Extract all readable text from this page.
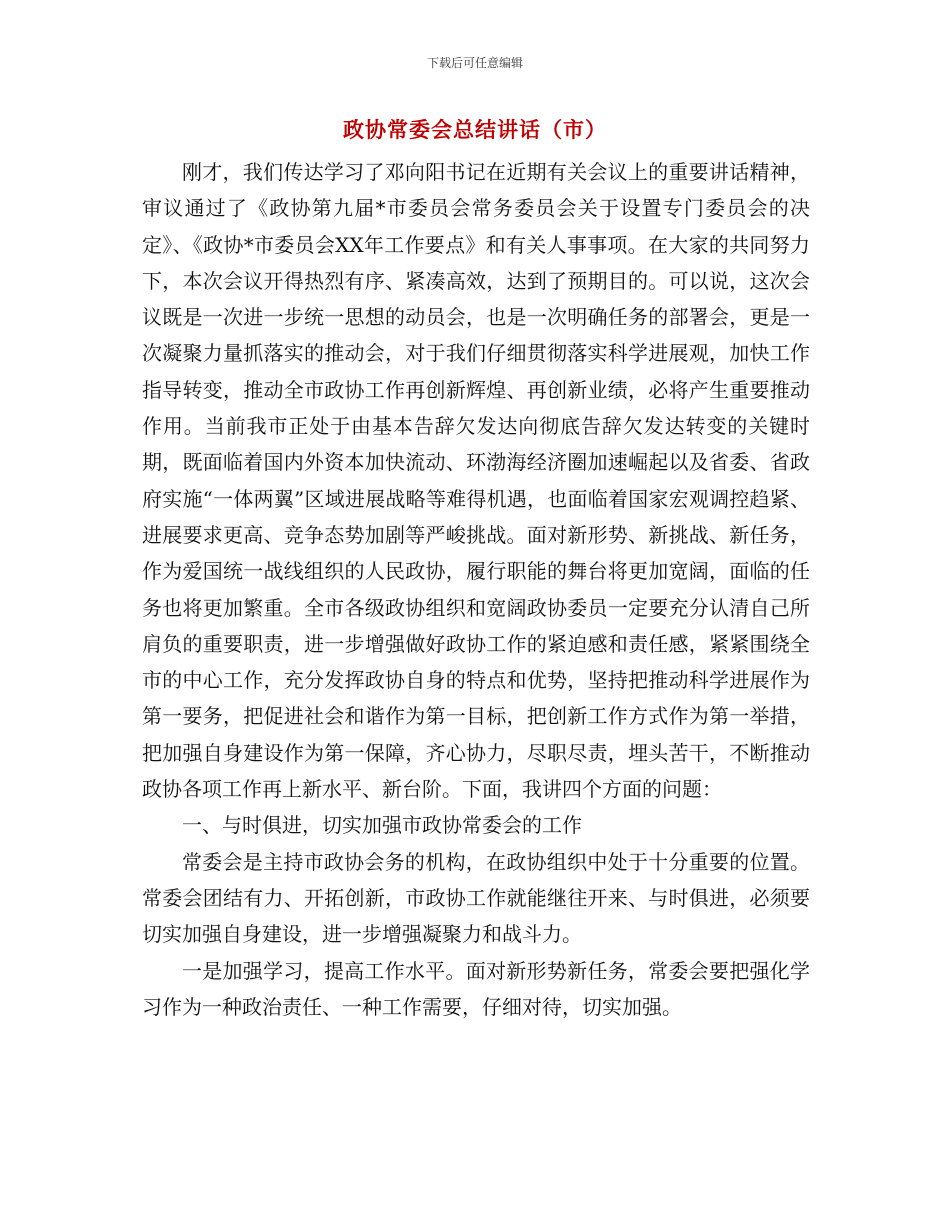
下载后可任意编辑
政协常委会总结讲话（市）

刚才，我们传达学习了邓向阳书记在近期有关会议上的重要讲话精神，审议通过了《政协第九届*市委员会常务委员会关于设置专门委员会的决定》、《政协*市委员会XX年工作要点》和有关人事事项。在大家的共同努力下，本次会议开得热烈有序、紧凑高效，达到了预期目的。可以说，这次会议既是一次进一步统一思想的动员会，也是一次明确任务的部署会，更是一次凝聚力量抓落实的推动会，对于我们仔细贯彻落实科学进展观，加快工作指导转变，推动全市政协工作再创新辉煌、再创新业绩，必将产生重要推动作用。当前我市正处于由基本告辞欠发达向彻底告辞欠发达转变的关键时期，既面临着国内外资本加快流动、环渤海经济圈加速崛起以及省委、省政府实施“一体两翼”区域进展战略等难得机遇，也面临着国家宏观调控趋紧、进展要求更高、竞争态势加剧等严峻挑战。面对新形势、新挑战、新任务，作为爱国统一战线组织的人民政协，履行职能的舞台将更加宽阔，面临的任务也将更加繁重。全市各级政协组织和宽阔政协委员一定要充分认清自己所肩负的重要职责，进一步增强做好政协工作的紧迫感和责任感，紧紧围绕全市的中心工作，充分发挥政协自身的特点和优势，坚持把推动科学进展作为第一要务，把促进社会和谐作为第一目标，把创新工作方式作为第一举措，把加强自身建设作为第一保障，齐心协力，尽职尽责，埋头苦干，不断推动政协各项工作再上新水平、新台阶。下面，我讲四个方面的问题：

一、与时俱进，切实加强市政协常委会的工作

常委会是主持市政协会务的机构，在政协组织中处于十分重要的位置。常委会团结有力、开拓创新，市政协工作就能继往开来、与时俱进，必须要切实加强自身建设，进一步增强凝聚力和战斗力。

一是加强学习，提高工作水平。面对新形势新任务，常委会要把强化学习作为一种政治责任、一种工作需要，仔细对待，切实加强。
